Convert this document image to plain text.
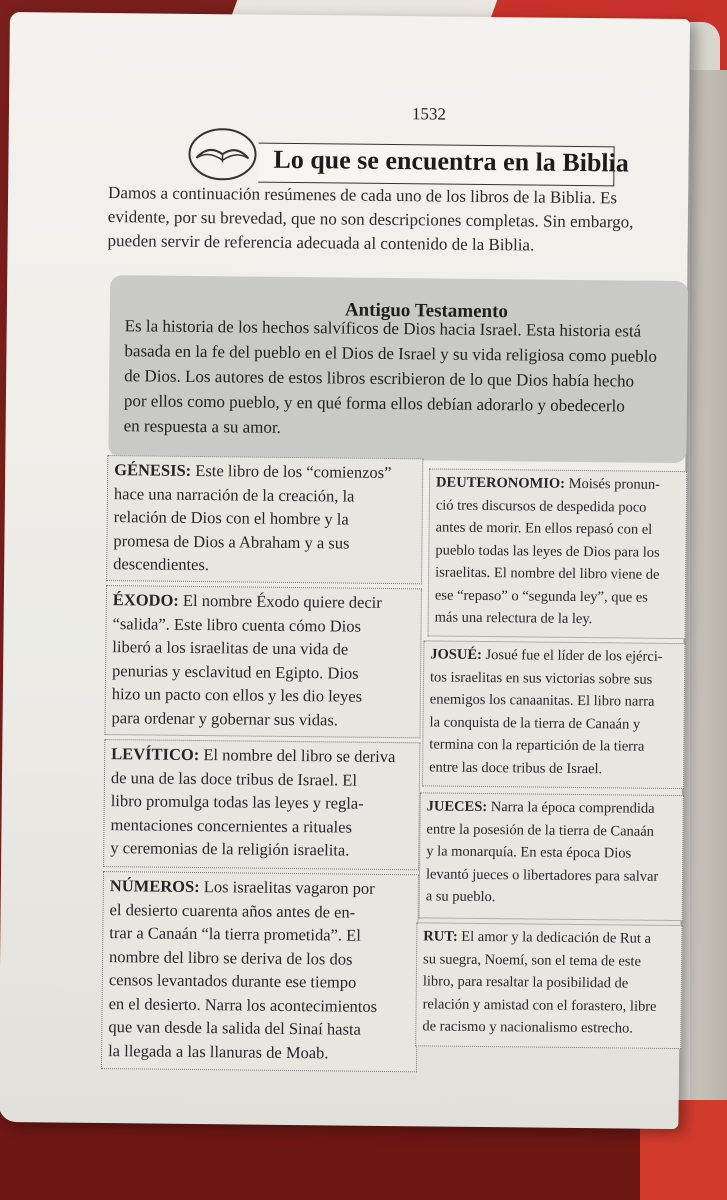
1532
Lo que se encuentra en la Biblia
Damos a continuación resúmenes de cada uno de los libros de la Biblia. Es
evidente, por su brevedad, que no son descripciones completas. Sin embargo,
pueden servir de referencia adecuada al contenido de la Biblia.
Antiguo Testamento
Es la historia de los hechos salvíficos de Dios hacia Israel. Esta historia está
basada en la fe del pueblo en el Dios de Israel y su vida religiosa como pueblo
de Dios. Los autores de estos libros escribieron de lo que Dios había hecho
por ellos como pueblo, y en qué forma ellos debían adorarlo y obedecerlo
en respuesta a su amor.
GÉNESIS: Este libro de los “comienzos”
hace una narración de la creación, la
relación de Dios con el hombre y la
promesa de Dios a Abraham y a sus
descendientes.
ÉXODO: El nombre Éxodo quiere decir
“salida”. Este libro cuenta cómo Dios
liberó a los israelitas de una vida de
penurias y esclavitud en Egipto. Dios
hizo un pacto con ellos y les dio leyes
para ordenar y gobernar sus vidas.
LEVÍTICO: El nombre del libro se deriva
de una de las doce tribus de Israel. El
libro promulga todas las leyes y regla-
mentaciones concernientes a rituales
y ceremonias de la religión israelita.
NÚMEROS: Los israelitas vagaron por
el desierto cuarenta años antes de en-
trar a Canaán “la tierra prometida”. El
nombre del libro se deriva de los dos
censos levantados durante ese tiempo
en el desierto. Narra los acontecimientos
que van desde la salida del Sinaí hasta
la llegada a las llanuras de Moab.
DEUTERONOMIO: Moisés pronun-
ció tres discursos de despedida poco
antes de morir. En ellos repasó con el
pueblo todas las leyes de Dios para los
israelitas. El nombre del libro viene de
ese “repaso” o “segunda ley”, que es
más una relectura de la ley.
JOSUÉ: Josué fue el líder de los ejérci-
tos israelitas en sus victorias sobre sus
enemigos los canaanitas. El libro narra
la conquista de la tierra de Canaán y
termina con la repartición de la tierra
entre las doce tribus de Israel.
JUECES: Narra la época comprendida
entre la posesión de la tierra de Canaán
y la monarquía. En esta época Dios
levantó jueces o libertadores para salvar
a su pueblo.
RUT: El amor y la dedicación de Rut a
su suegra, Noemí, son el tema de este
libro, para resaltar la posibilidad de
relación y amistad con el forastero, libre
de racismo y nacionalismo estrecho.
